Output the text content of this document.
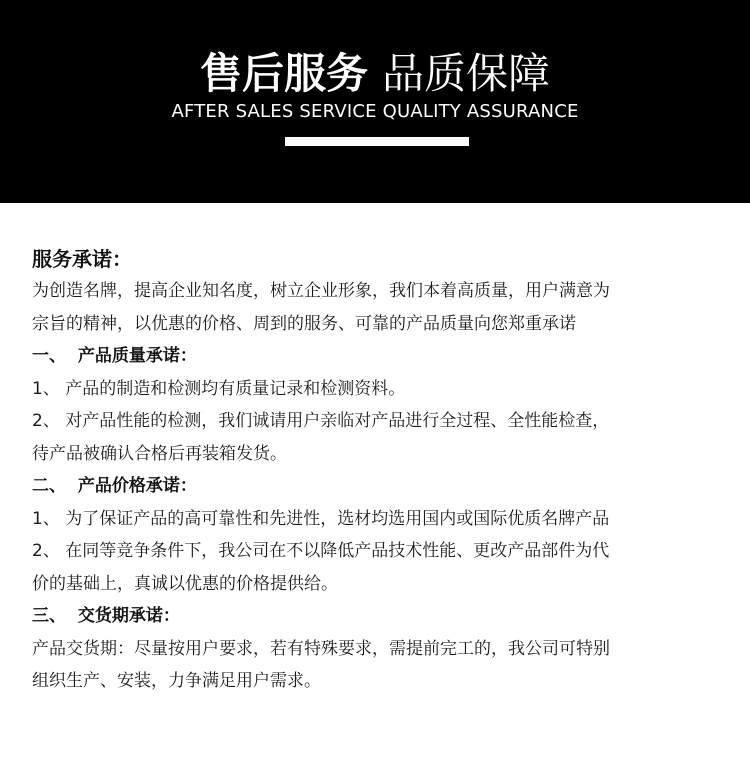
售后服务 品质保障
AFTER SALES SERVICE QUALITY ASSURANCE
服务承诺：
为创造名牌，提高企业知名度，树立企业形象，我们本着高质量，用户满意为
宗旨的精神，以优惠的价格、周到的服务、可靠的产品质量向您郑重承诺
一、  产品质量承诺：
1、 产品的制造和检测均有质量记录和检测资料。
2、 对产品性能的检测，我们诚请用户亲临对产品进行全过程、全性能检查，
待产品被确认合格后再装箱发货。
二、  产品价格承诺：
1、 为了保证产品的高可靠性和先进性，选材均选用国内或国际优质名牌产品
2、 在同等竞争条件下，我公司在不以降低产品技术性能、更改产品部件为代
价的基础上，真诚以优惠的价格提供给。
三、  交货期承诺：
产品交货期：尽量按用户要求，若有特殊要求，需提前完工的，我公司可特别
组织生产、安装，力争满足用户需求。
